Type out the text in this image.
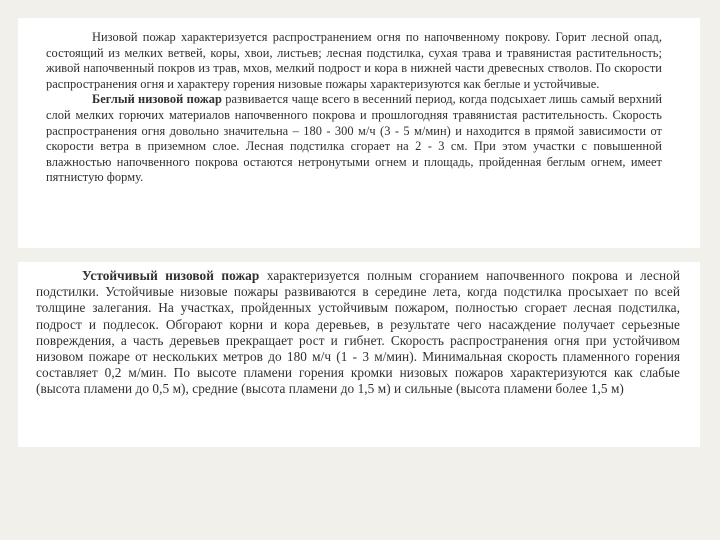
Низовой пожар характеризуется распространением огня по напочвенному покрову. Горит лесной опад, состоящий из мелких ветвей, коры, хвои, листьев; лесная подстилка, сухая трава и травянистая растительность; живой напочвенный покров из трав, мхов, мелкий подрост и кора в нижней части древесных стволов. По скорости распространения огня и характеру горения низовые пожары характеризуются как беглые и устойчивые.

Беглый низовой пожар развивается чаще всего в весенний период, когда подсыхает лишь самый верхний слой мелких горючих материалов напочвенного покрова и прошлогодняя травянистая растительность. Скорость распространения огня довольно значительна – 180 - 300 м/ч (3 - 5 м/мин) и находится в прямой зависимости от скорости ветра в приземном слое. Лесная подстилка сгорает на 2 - 3 см. При этом участки с повышенной влажностью напочвенного покрова остаются нетронутыми огнем и площадь, пройденная беглым огнем, имеет пятнистую форму.

Устойчивый низовой пожар характеризуется полным сгоранием напочвенного покрова и лесной подстилки. Устойчивые низовые пожары развиваются в середине лета, когда подстилка просыхает по всей толщине залегания. На участках, пройденных устойчивым пожаром, полностью сгорает лесная подстилка, подрост и подлесок. Обгорают корни и кора деревьев, в результате чего насаждение получает серьезные повреждения, а часть деревьев прекращает рост и гибнет. Скорость распространения огня при устойчивом низовом пожаре от нескольких метров до 180 м/ч (1 - 3 м/мин). Минимальная скорость пламенного горения составляет 0,2 м/мин. По высоте пламени горения кромки низовых пожаров характеризуются как слабые (высота пламени до 0,5 м), средние (высота пламени до 1,5 м) и сильные (высота пламени более 1,5 м)
